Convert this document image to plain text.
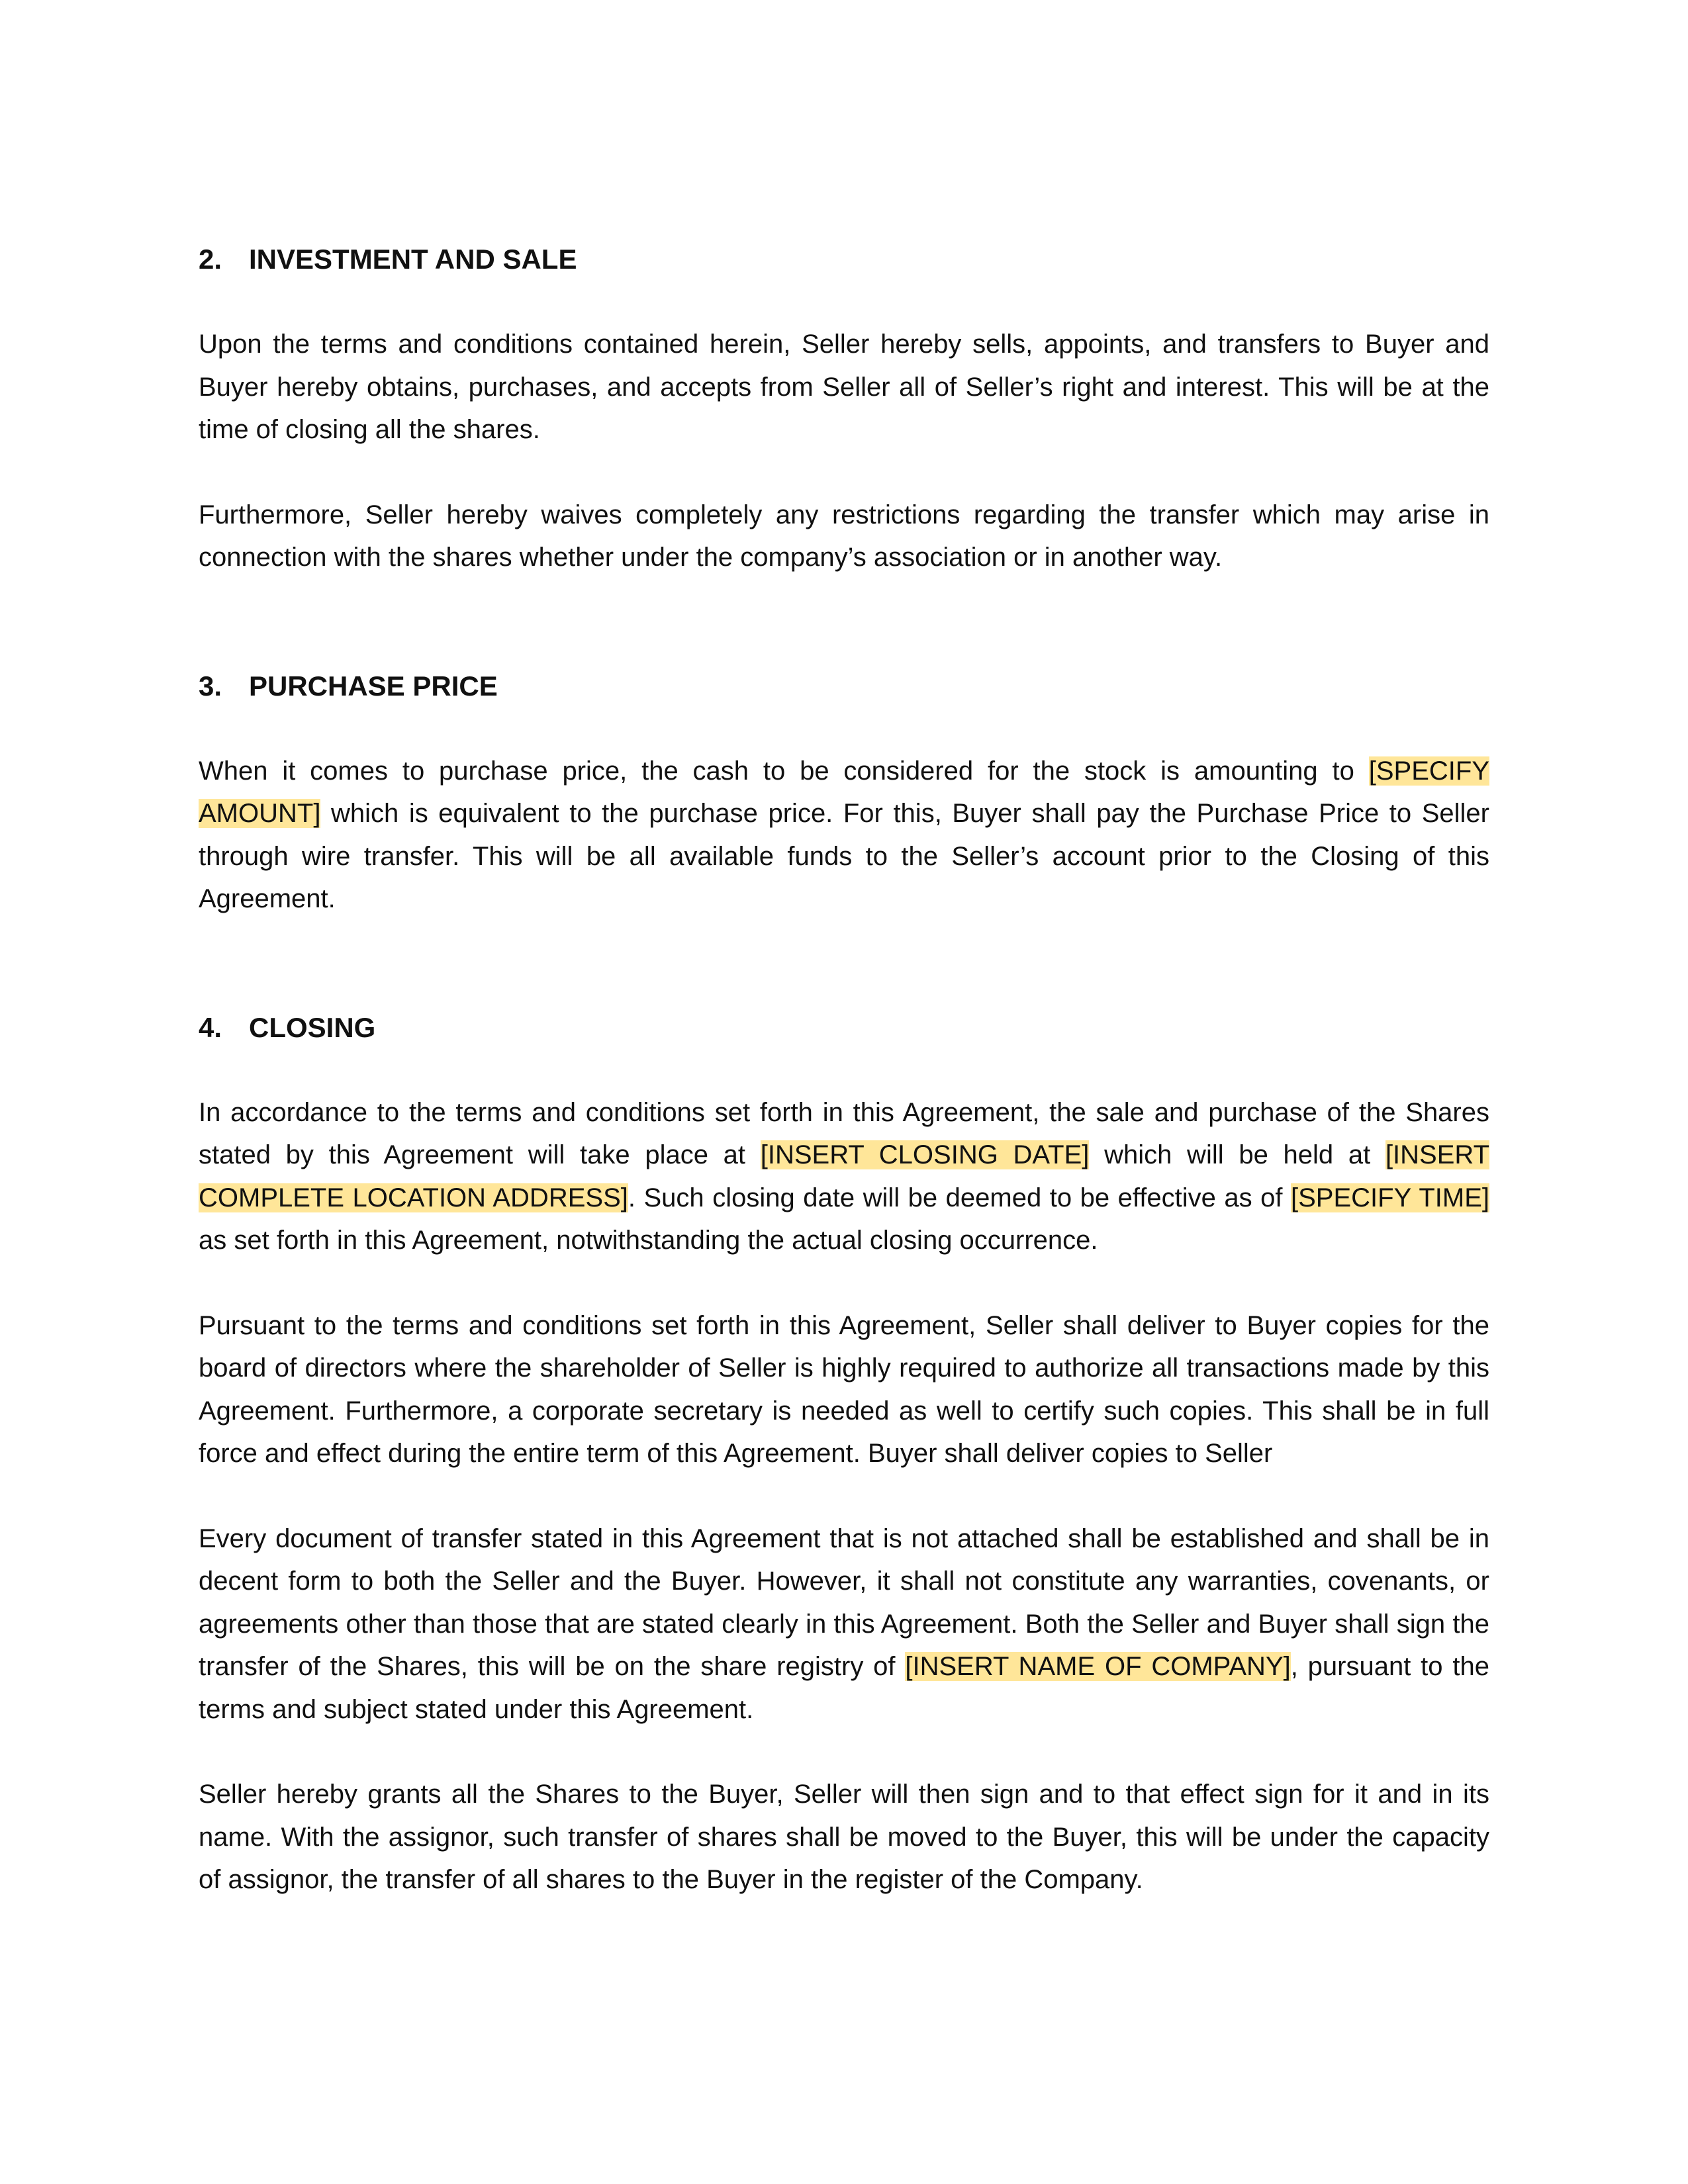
2. INVESTMENT AND SALE

Upon the terms and conditions contained herein, Seller hereby sells, appoints, and transfers to Buyer and Buyer hereby obtains, purchases, and accepts from Seller all of Seller’s right and interest. This will be at the time of closing all the shares.

Furthermore, Seller hereby waives completely any restrictions regarding the transfer which may arise in connection with the shares whether under the company’s association or in another way.

3. PURCHASE PRICE

When it comes to purchase price, the cash to be considered for the stock is amounting to [SPECIFY AMOUNT] which is equivalent to the purchase price. For this, Buyer shall pay the Purchase Price to Seller through wire transfer. This will be all available funds to the Seller’s account prior to the Closing of this Agreement.

4. CLOSING

In accordance to the terms and conditions set forth in this Agreement, the sale and purchase of the Shares stated by this Agreement will take place at [INSERT CLOSING DATE] which will be held at [INSERT COMPLETE LOCATION ADDRESS]. Such closing date will be deemed to be effective as of [SPECIFY TIME] as set forth in this Agreement, notwithstanding the actual closing occurrence.

Pursuant to the terms and conditions set forth in this Agreement, Seller shall deliver to Buyer copies for the board of directors where the shareholder of Seller is highly required to authorize all transactions made by this Agreement. Furthermore, a corporate secretary is needed as well to certify such copies. This shall be in full force and effect during the entire term of this Agreement. Buyer shall deliver copies to Seller

Every document of transfer stated in this Agreement that is not attached shall be established and shall be in decent form to both the Seller and the Buyer. However, it shall not constitute any warranties, covenants, or agreements other than those that are stated clearly in this Agreement. Both the Seller and Buyer shall sign the transfer of the Shares, this will be on the share registry of [INSERT NAME OF COMPANY], pursuant to the terms and subject stated under this Agreement.

Seller hereby grants all the Shares to the Buyer, Seller will then sign and to that effect sign for it and in its name. With the assignor, such transfer of shares shall be moved to the Buyer, this will be under the capacity of assignor, the transfer of all shares to the Buyer in the register of the Company.
